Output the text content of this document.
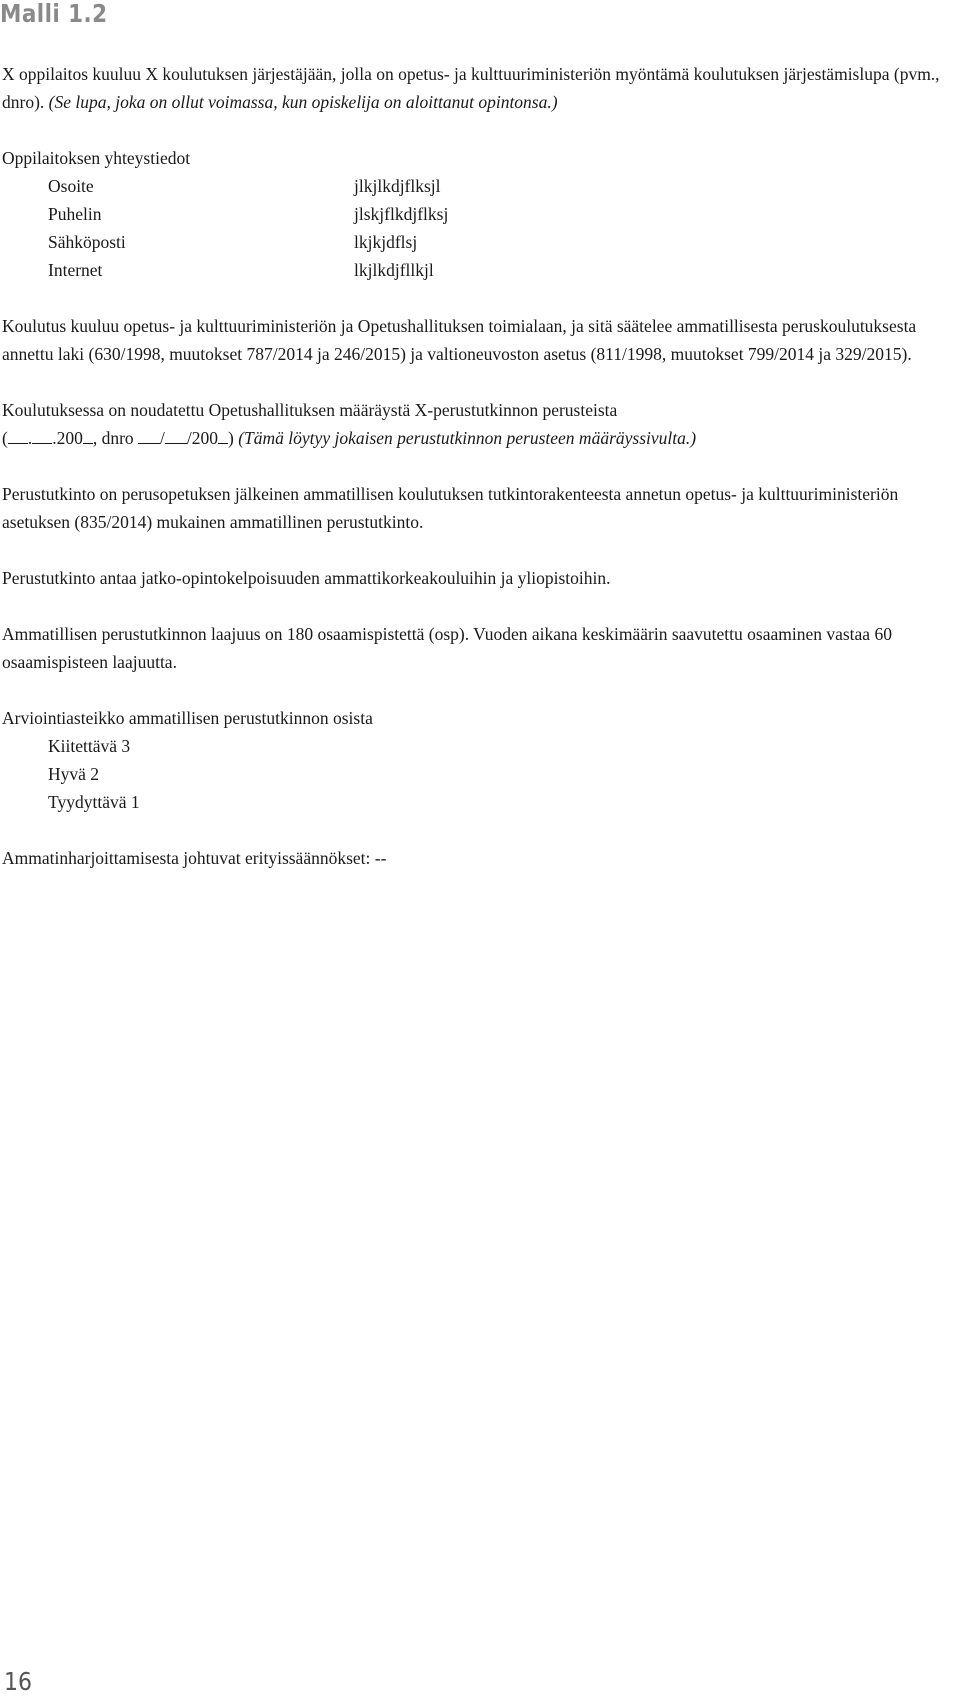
Malli 1.2

X oppilaitos kuuluu X koulutuksen järjestäjään, jolla on opetus- ja kulttuuriministeriön myöntämä koulutuksen järjestämislupa (pvm., dnro). (Se lupa, joka on ollut voimassa, kun opiskelija on aloittanut opintonsa.)

Oppilaitoksen yhteystiedot

Osoite	jlkjlkdjflksjl
Puhelin	jlskjflkdjflksj
Sähköposti	lkjkjdflsj
Internet	lkjlkdjfllkjl

Koulutus kuuluu opetus- ja kulttuuriministeriön ja Opetushallituksen toimialaan, ja sitä säätelee ammatillisesta peruskoulutuksesta annettu laki (630/1998, muutokset 787/2014 ja 246/2015) ja valtioneuvoston asetus (811/1998, muutokset 799/2014 ja 329/2015).

Koulutuksessa on noudatettu Opetushallituksen määräystä X-perustutkinnon perusteista

( . .200 , dnro / /200 ) (Tämä löytyy jokaisen perustutkinnon perusteen määräyssivulta.)

Perustutkinto on perusopetuksen jälkeinen ammatillisen koulutuksen tutkintorakenteesta annetun opetus- ja kulttuuriministeriön asetuksen (835/2014) mukainen ammatillinen perustutkinto.

Perustutkinto antaa jatko-opintokelpoisuuden ammattikorkeakouluihin ja yliopistoihin.

Ammatillisen perustutkinnon laajuus on 180 osaamispistettä (osp). Vuoden aikana keskimäärin saavutettu osaaminen vastaa 60 osaamispisteen laajuutta.

Arviointiasteikko ammatillisen perustutkinnon osista

Kiitettävä 3
Hyvä 2
Tyydyttävä 1

Ammatinharjoittamisesta johtuvat erityissäännökset: --

16
